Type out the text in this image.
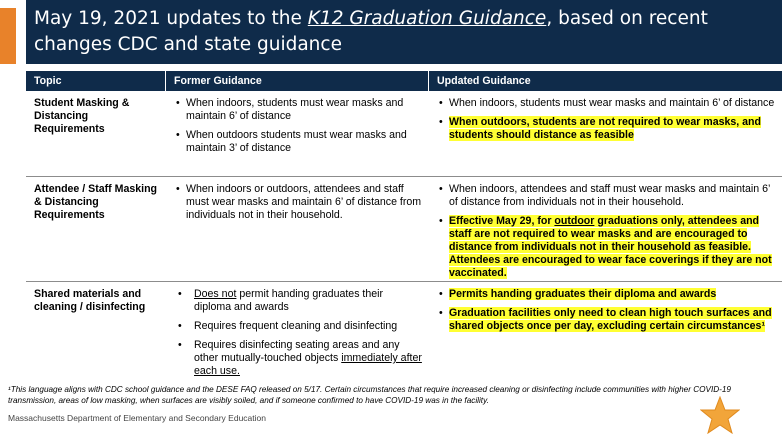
May 19, 2021 updates to the K12 Graduation Guidance, based on recent changes CDC and state guidance
Topic	Former Guidance	Updated Guidance
Student Masking & Distancing Requirements
• When indoors, students must wear masks and maintain 6’ of distance
• When outdoors students must wear masks and maintain 3’ of distance
• When indoors, students must wear masks and maintain 6’ of distance
• When outdoors, students are not required to wear masks, and students should distance as feasible
Attendee / Staff Masking & Distancing Requirements
• When indoors or outdoors, attendees and staff must wear masks and maintain 6’ of distance from individuals not in their household.
• When indoors, attendees and staff must wear masks and maintain 6’ of distance from individuals not in their household.
• Effective May 29, for outdoor graduations only, attendees and staff are not required to wear masks and are encouraged to distance from individuals not in their household as feasible. Attendees are encouraged to wear face coverings if they are not vaccinated.
Shared materials and cleaning / disinfecting
• Does not permit handing graduates their diploma and awards
• Requires frequent cleaning and disinfecting
• Requires disinfecting seating areas and any other mutually-touched objects immediately after each use.
• Permits handing graduates their diploma and awards
• Graduation facilities only need to clean high touch surfaces and shared objects once per day, excluding certain circumstances¹
¹This language aligns with CDC school guidance and the DESE FAQ released on 5/17. Certain circumstances that require increased cleaning or disinfecting include communities with higher COVID-19 transmission, areas of low masking, when surfaces are visibly soiled, and if someone confirmed to have COVID-19 was in the facility.
Massachusetts Department of Elementary and Secondary Education
